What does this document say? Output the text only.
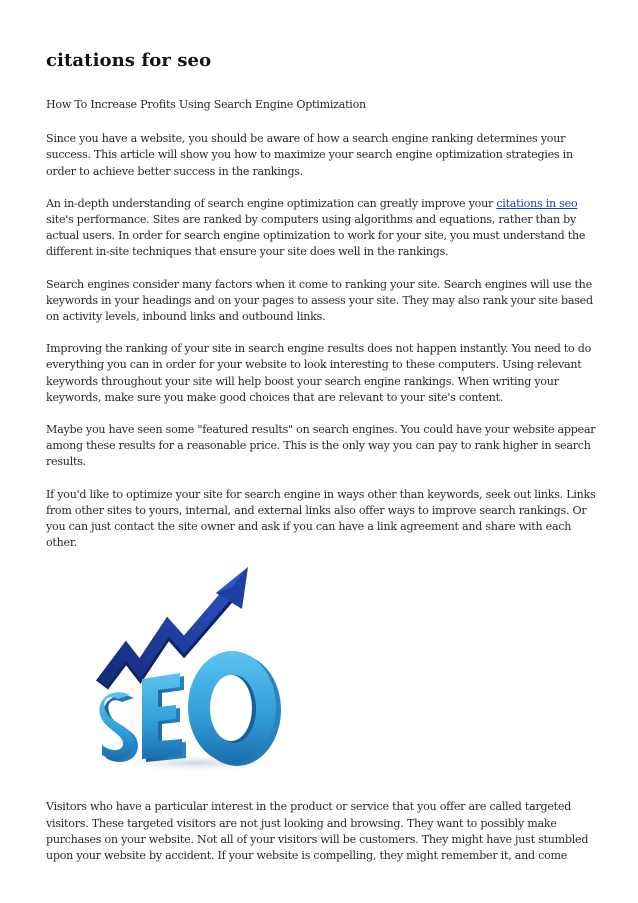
citations for seo

How To Increase Profits Using Search Engine Optimization

Since you have a website, you should be aware of how a search engine ranking determines your success. This article will show you how to maximize your search engine optimization strategies in order to achieve better success in the rankings.

An in-depth understanding of search engine optimization can greatly improve your citations in seo site's performance. Sites are ranked by computers using algorithms and equations, rather than by actual users. In order for search engine optimization to work for your site, you must understand the different in-site techniques that ensure your site does well in the rankings.

Search engines consider many factors when it come to ranking your site. Search engines will use the keywords in your headings and on your pages to assess your site. They may also rank your site based on activity levels, inbound links and outbound links.

Improving the ranking of your site in search engine results does not happen instantly. You need to do everything you can in order for your website to look interesting to these computers. Using relevant keywords throughout your site will help boost your search engine rankings. When writing your keywords, make sure you make good choices that are relevant to your site's content.

Maybe you have seen some "featured results" on search engines. You could have your website appear among these results for a reasonable price. This is the only way you can pay to rank higher in search results.

If you'd like to optimize your site for search engine in ways other than keywords, seek out links. Links from other sites to yours, internal, and external links also offer ways to improve search rankings. Or you can just contact the site owner and ask if you can have a link agreement and share with each other.

Visitors who have a particular interest in the product or service that you offer are called targeted visitors. These targeted visitors are not just looking and browsing. They want to possibly make purchases on your website. Not all of your visitors will be customers. They might have just stumbled upon your website by accident. If your website is compelling, they might remember it, and come
